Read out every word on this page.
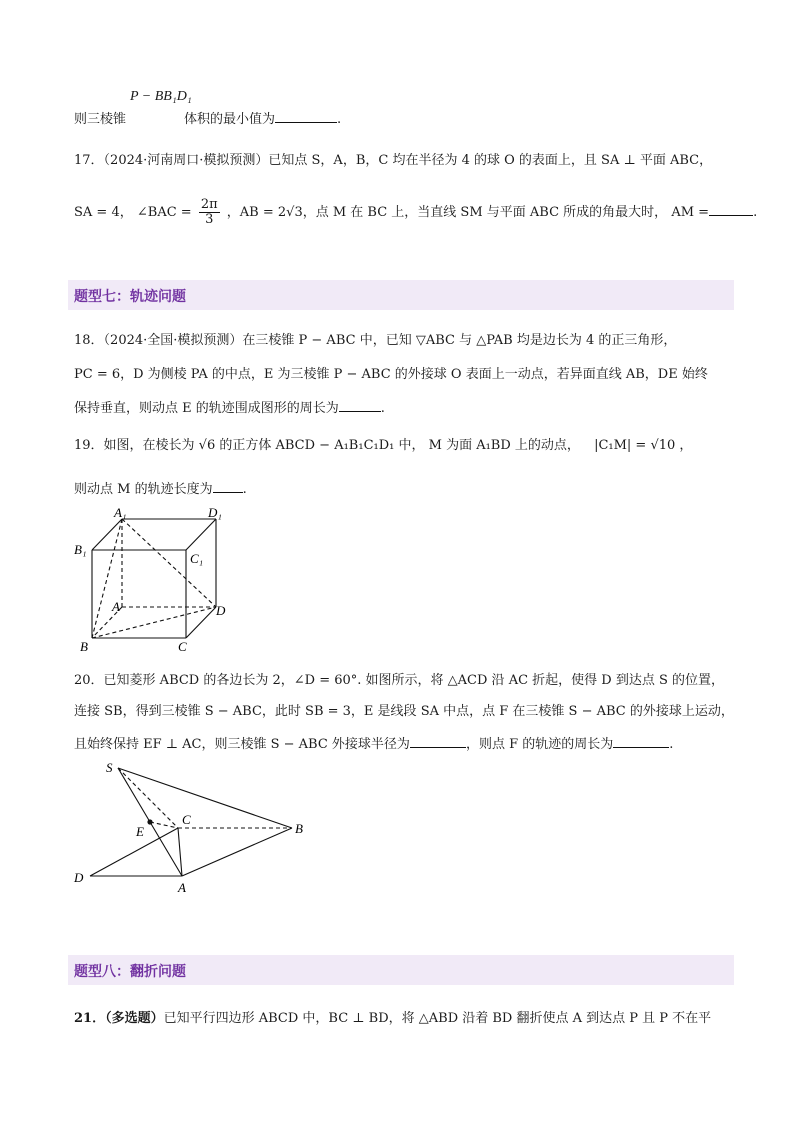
P − BB₁D₁
则三棱锥	体积的最小值为	.
17．（2024·河南周口·模拟预测）已知点 S，A，B，C 均在半径为 4 的球 O 的表面上，且 SA ⊥ 平面 ABC，
SA = 4， ∠BAC = $\frac{2\pi}{3}$ ，AB = 2√3，点 M 在 BC 上，当直线 SM 与平面 ABC 所成的角最大时， AM =	.
题型七：轨迹问题
18．（2024·全国·模拟预测）在三棱锥 P − ABC 中，已知 ▽ABC 与 △PAB 均是边长为 4 的正三角形，
PC = 6，D 为侧棱 PA 的中点，E 为三棱锥 P − ABC 的外接球 O 表面上一动点，若异面直线 AB，DE 始终
保持垂直，则动点 E 的轨迹围成图形的周长为	.
19．如图，在棱长为 √6 的正方体 ABCD − A₁B₁C₁D₁ 中， M 为面 A₁BD 上的动点， |C₁M| = √10 ，
则动点 M 的轨迹长度为 .
A₁	D₁
B₁
C₁
A	D
B	C
20．已知菱形 ABCD 的各边长为 2，∠D = 60°. 如图所示，将 △ACD 沿 AC 折起，使得 D 到达点 S 的位置，
连接 SB，得到三棱锥 S − ABC，此时 SB = 3，E 是线段 SA 中点，点 F 在三棱锥 S − ABC 的外接球上运动，
且始终保持 EF ⊥ AC，则三棱锥 S − ABC 外接球半径为	，则点 F 的轨迹的周长为	.
S
C
E	B
D
A
题型八：翻折问题
21．（多选题）已知平行四边形 ABCD 中，BC ⊥ BD，将 △ABD 沿着 BD 翻折使点 A 到达点 P 且 P 不在平
